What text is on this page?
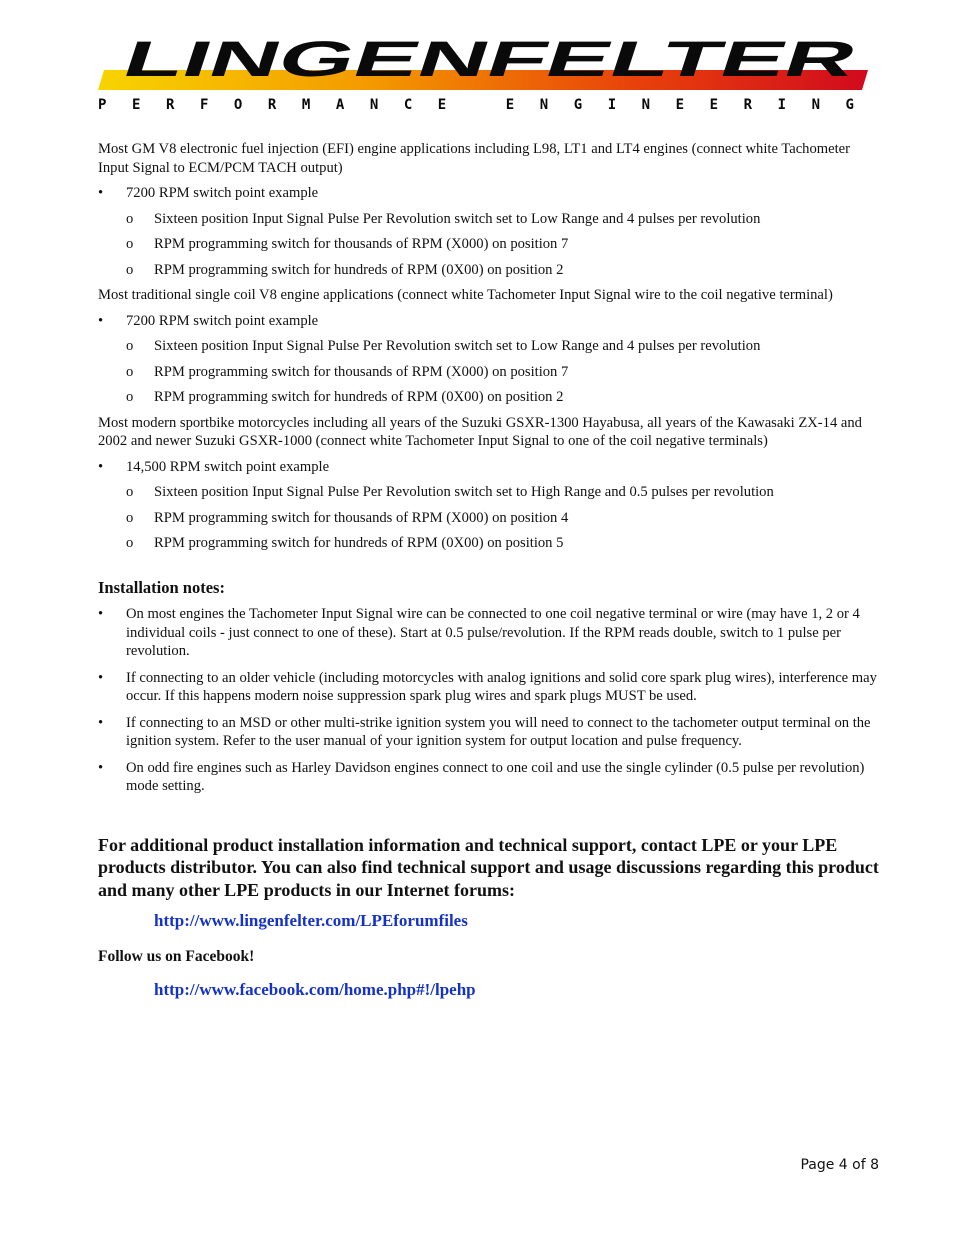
LINGENFELTER
PERFORMANCE ENGINEERING

Most GM V8 electronic fuel injection (EFI) engine applications including L98, LT1 and LT4 engines (connect white Tachometer Input Signal to ECM/PCM TACH output)

• 7200 RPM switch point example
o Sixteen position Input Signal Pulse Per Revolution switch set to Low Range and 4 pulses per revolution
o RPM programming switch for thousands of RPM (X000) on position 7
o RPM programming switch for hundreds of RPM (0X00) on position 2

Most traditional single coil V8 engine applications (connect white Tachometer Input Signal wire to the coil negative terminal)

• 7200 RPM switch point example
o Sixteen position Input Signal Pulse Per Revolution switch set to Low Range and 4 pulses per revolution
o RPM programming switch for thousands of RPM (X000) on position 7
o RPM programming switch for hundreds of RPM (0X00) on position 2

Most modern sportbike motorcycles including all years of the Suzuki GSXR-1300 Hayabusa, all years of the Kawasaki ZX-14 and 2002 and newer Suzuki GSXR-1000 (connect white Tachometer Input Signal to one of the coil negative terminals)

• 14,500 RPM switch point example
o Sixteen position Input Signal Pulse Per Revolution switch set to High Range and 0.5 pulses per revolution
o RPM programming switch for thousands of RPM (X000) on position 4
o RPM programming switch for hundreds of RPM (0X00) on position 5
Installation notes:
• On most engines the Tachometer Input Signal wire can be connected to one coil negative terminal or wire (may have 1, 2 or 4 individual coils - just connect to one of these). Start at 0.5 pulse/revolution. If the RPM reads double, switch to 1 pulse per revolution.
• If connecting to an older vehicle (including motorcycles with analog ignitions and solid core spark plug wires), interference may occur. If this happens modern noise suppression spark plug wires and spark plugs MUST be used.
• If connecting to an MSD or other multi-strike ignition system you will need to connect to the tachometer output terminal on the ignition system. Refer to the user manual of your ignition system for output location and pulse frequency.
• On odd fire engines such as Harley Davidson engines connect to one coil and use the single cylinder (0.5 pulse per revolution) mode setting.
For additional product installation information and technical support, contact LPE or your LPE products distributor. You can also find technical support and usage discussions regarding this product and many other LPE products in our Internet forums:
http://www.lingenfelter.com/LPEforumfiles
Follow us on Facebook!
http://www.facebook.com/home.php#!/lpehp
Page 4 of 8
